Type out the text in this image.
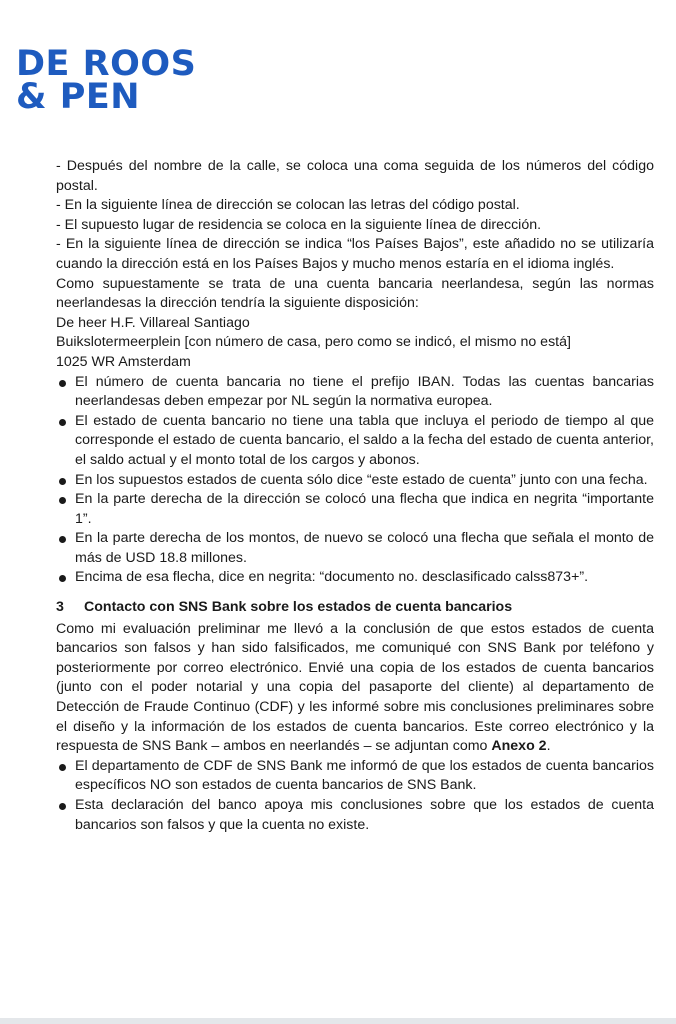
DE ROOS
& PEN

- Después del nombre de la calle, se coloca una coma seguida de los números del código postal.

- En la siguiente línea de dirección se colocan las letras del código postal.

- El supuesto lugar de residencia se coloca en la siguiente línea de dirección.

- En la siguiente línea de dirección se indica “los Países Bajos”, este añadido no se utilizaría cuando la dirección está en los Países Bajos y mucho menos estaría en el idioma inglés.

Como supuestamente se trata de una cuenta bancaria neerlandesa, según las normas neerlandesas la dirección tendría la siguiente disposición:

De heer H.F. Villareal Santiago

Buikslotermeerplein [con número de casa, pero como se indicó, el mismo no está]

1025 WR Amsterdam

El número de cuenta bancaria no tiene el prefijo IBAN. Todas las cuentas bancarias neerlandesas deben empezar por NL según la normativa europea.
El estado de cuenta bancario no tiene una tabla que incluya el periodo de tiempo al que corresponde el estado de cuenta bancario, el saldo a la fecha del estado de cuenta anterior, el saldo actual y el monto total de los cargos y abonos.
En los supuestos estados de cuenta sólo dice “este estado de cuenta” junto con una fecha.
En la parte derecha de la dirección se colocó una flecha que indica en negrita “importante 1”.
En la parte derecha de los montos, de nuevo se colocó una flecha que señala el monto de más de USD 18.8 millones.
Encima de esa flecha, dice en negrita: “documento no. desclasificado calss873+”.
3 Contacto con SNS Bank sobre los estados de cuenta bancarios

Como mi evaluación preliminar me llevó a la conclusión de que estos estados de cuenta bancarios son falsos y han sido falsificados, me comuniqué con SNS Bank por teléfono y posteriormente por correo electrónico. Envié una copia de los estados de cuenta bancarios (junto con el poder notarial y una copia del pasaporte del cliente) al departamento de Detección de Fraude Continuo (CDF) y les informé sobre mis conclusiones preliminares sobre el diseño y la información de los estados de cuenta bancarios. Este correo electrónico y la respuesta de SNS Bank – ambos en neerlandés – se adjuntan como Anexo 2.

El departamento de CDF de SNS Bank me informó de que los estados de cuenta bancarios específicos NO son estados de cuenta bancarios de SNS Bank.
Esta declaración del banco apoya mis conclusiones sobre que los estados de cuenta bancarios son falsos y que la cuenta no existe.
